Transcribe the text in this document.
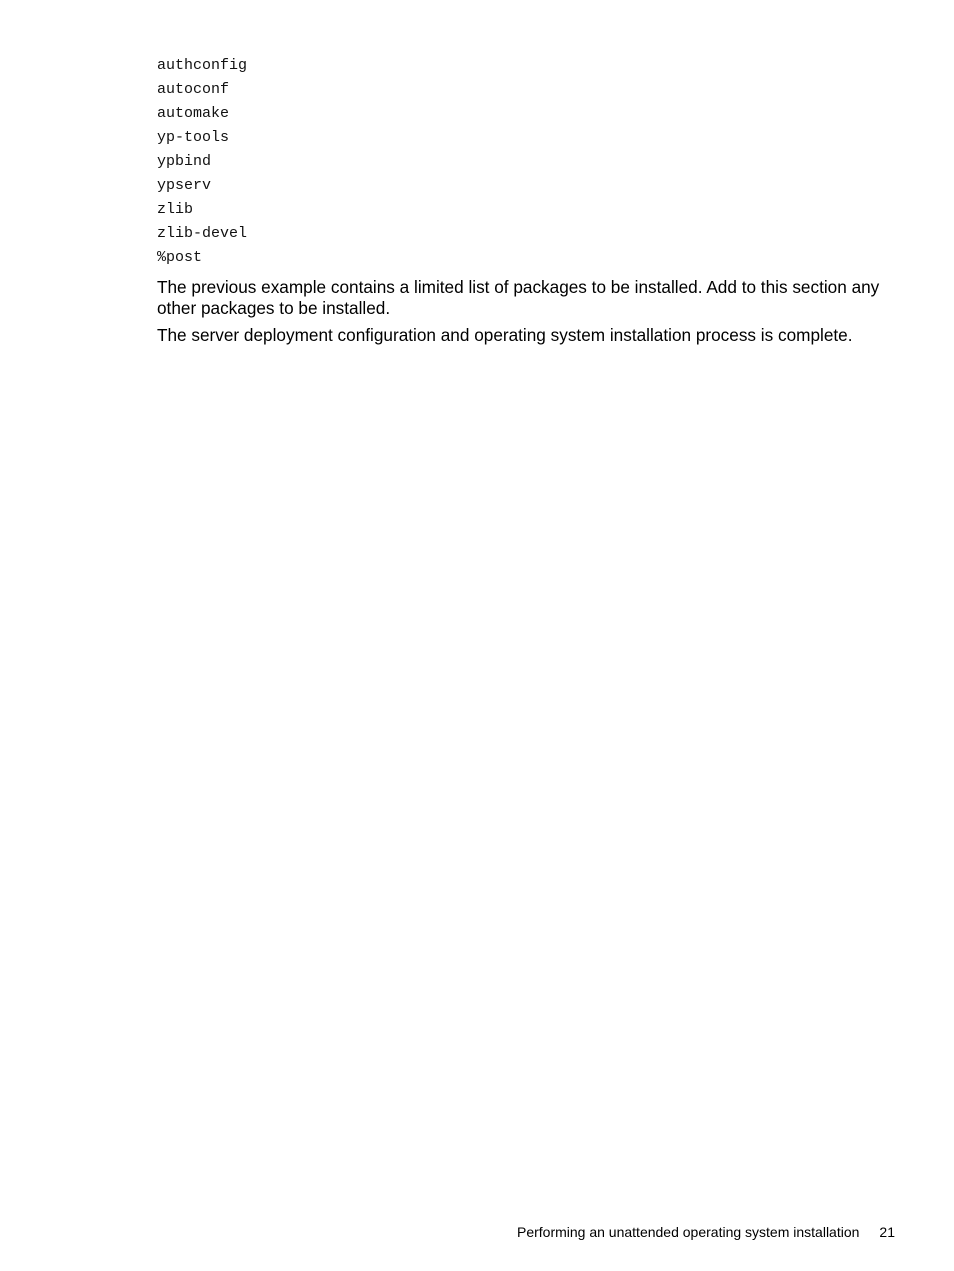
authconfig
autoconf
automake
yp-tools
ypbind
ypserv
zlib
zlib-devel
%post

The previous example contains a limited list of packages to be installed. Add to this section any other packages to be installed.

The server deployment configuration and operating system installation process is complete.

Performing an unattended operating system installation 21
